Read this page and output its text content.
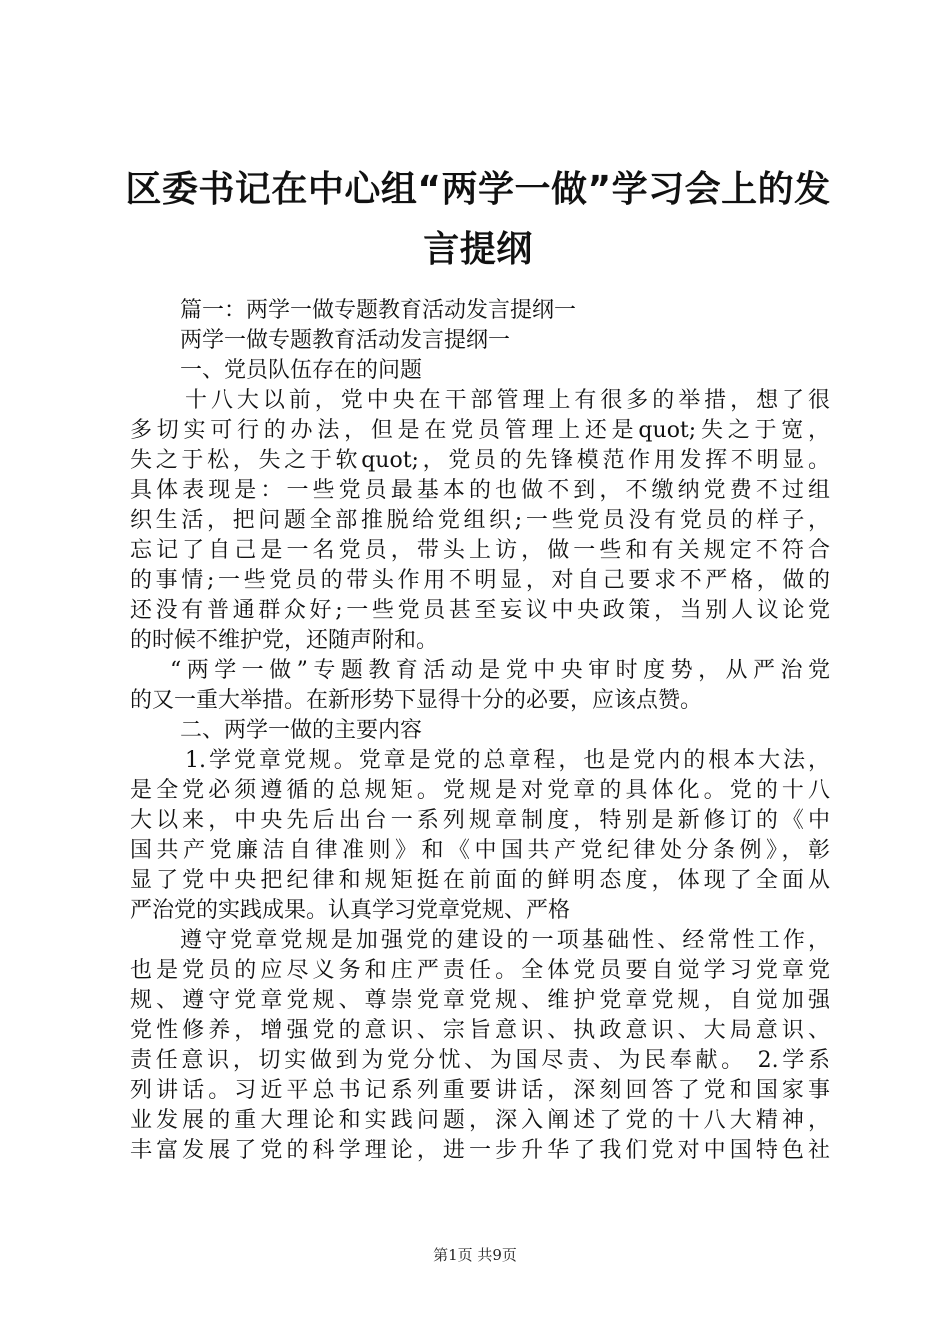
区委书记在中心组“两学一做”学习会上的发
言提纲
篇一：两学一做专题教育活动发言提纲一
两学一做专题教育活动发言提纲一
一、党员队伍存在的问题
十八大以前，党中央在干部管理上有很多的举措，想了很
多切实可行的办法，但是在党员管理上还是quot;失之于宽，
失之于松，失之于软quot;，党员的先锋模范作用发挥不明显。
具体表现是：一些党员最基本的也做不到，不缴纳党费不过组
织生活，把问题全部推脱给党组织;一些党员没有党员的样子，
忘记了自己是一名党员，带头上访，做一些和有关规定不符合
的事情;一些党员的带头作用不明显，对自己要求不严格，做的
还没有普通群众好;一些党员甚至妄议中央政策，当别人议论党
的时候不维护党，还随声附和。
“两学一做”专题教育活动是党中央审时度势，从严治党
的又一重大举措。在新形势下显得十分的必要，应该点赞。
二、两学一做的主要内容
1.学党章党规。党章是党的总章程，也是党内的根本大法，
是全党必须遵循的总规矩。党规是对党章的具体化。党的十八
大以来，中央先后出台一系列规章制度，特别是新修订的《中
国共产党廉洁自律准则》和《中国共产党纪律处分条例》，彰
显了党中央把纪律和规矩挺在前面的鲜明态度，体现了全面从
严治党的实践成果。认真学习党章党规、严格
遵守党章党规是加强党的建设的一项基础性、经常性工作，
也是党员的应尽义务和庄严责任。全体党员要自觉学习党章党
规、遵守党章党规、尊崇党章党规、维护党章党规，自觉加强
党性修养，增强党的意识、宗旨意识、执政意识、大局意识、
责任意识，切实做到为党分忧、为国尽责、为民奉献。 2.学系
列讲话。习近平总书记系列重要讲话，深刻回答了党和国家事
业发展的重大理论和实践问题，深入阐述了党的十八大精神，
丰富发展了党的科学理论，进一步升华了我们党对中国特色社
第1页 共9页
